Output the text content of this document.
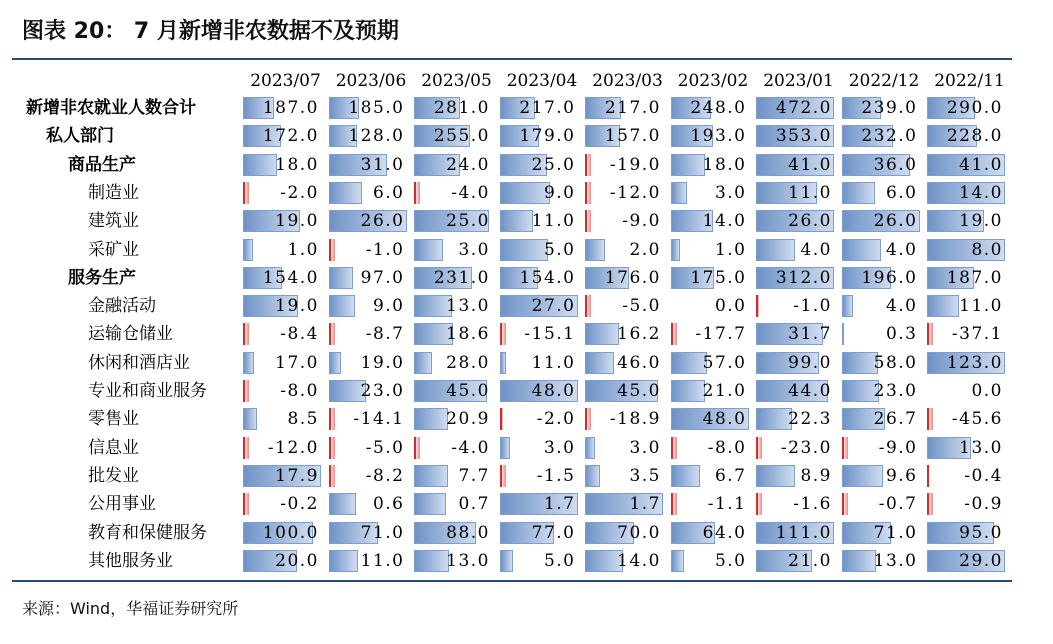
图表 20： 7 月新增非农数据不及预期
2023/07 2023/06 2023/05 2023/04 2023/03 2023/02 2023/01 2022/12 2022/11
新增非农就业人数合计	187.0 185.0 281.0 217.0 217.0 248.0 472.0 239.0 290.0
私人部门	172.0 128.0 255.0 179.0 157.0 193.0 353.0 232.0 228.0
商品生产	18.0 31.0 24.0 25.0 -19.0 18.0 41.0 36.0 41.0
制造业	-2.0	6.0	-4.0	9.0 -12.0	3.0 11.0	6.0 14.0
建筑业	19.0 26.0 25.0 11.0	-9.0 14.0 26.0 26.0 19.0
采矿业	1.0	-1.0	3.0	5.0	2.0	1.0	4.0	4.0	8.0
服务生产	154.0 97.0 231.0 154.0 176.0 175.0 312.0 196.0 187.0
金融活动	19.0	9.0 13.0 27.0	-5.0	0.0	-1.0	4.0 11.0
运输仓储业	-8.4	-8.7 18.6 -15.1 16.2 -17.7 31.7	0.3 -37.1
休闲和酒店业	17.0 19.0 28.0 11.0 46.0 57.0 99.0 58.0 123.0
专业和商业服务	-8.0 23.0 45.0 48.0 45.0 21.0 44.0 23.0	0.0
零售业	8.5 -14.1 20.9	-2.0 -18.9 48.0 22.3 26.7 -45.6
信息业	-12.0	-5.0	-4.0	3.0	3.0	-8.0 -23.0	-9.0 13.0
批发业	17.9	-8.2	7.7	-1.5	3.5	6.7	8.9	9.6	-0.4
公用事业	-0.2	0.6	0.7	1.7	1.7	-1.1	-1.6	-0.7	-0.9
教育和保健服务	100.0 71.0 88.0 77.0 70.0 64.0 111.0 71.0 95.0
其他服务业	20.0 11.0 13.0	5.0 14.0	5.0 21.0 13.0 29.0
来源：Wind，华福证券研究所
